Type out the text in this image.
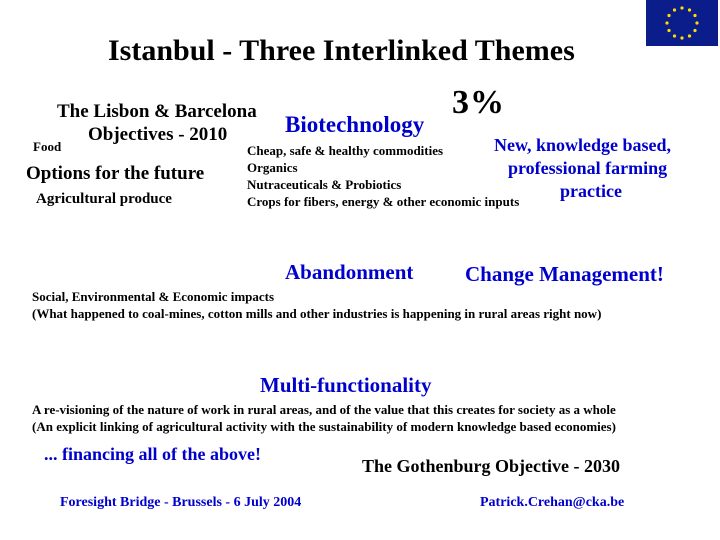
Istanbul - Three Interlinked Themes
3%
The Lisbon & Barcelona
Objectives - 2010
Food
Options for the future
Agricultural produce
Biotechnology
Cheap, safe & healthy commodities
Organics
Nutraceuticals & Probiotics
Crops for fibers, energy & other economic inputs
New, knowledge based,
professional farming
practice
Abandonment Change Management!
Social, Environmental & Economic impacts
(What happened to coal-mines, cotton mills and other industries is happening in rural areas right now)
Multi-functionality
A re-visioning of the nature of work in rural areas, and of the value that this creates for society as a whole
(An explicit linking of agricultural activity with the sustainability of modern knowledge based economies)
... financing all of the above!
The Gothenburg Objective - 2030
Foresight Bridge - Brussels - 6 July 2004	Patrick.Crehan@cka.be
